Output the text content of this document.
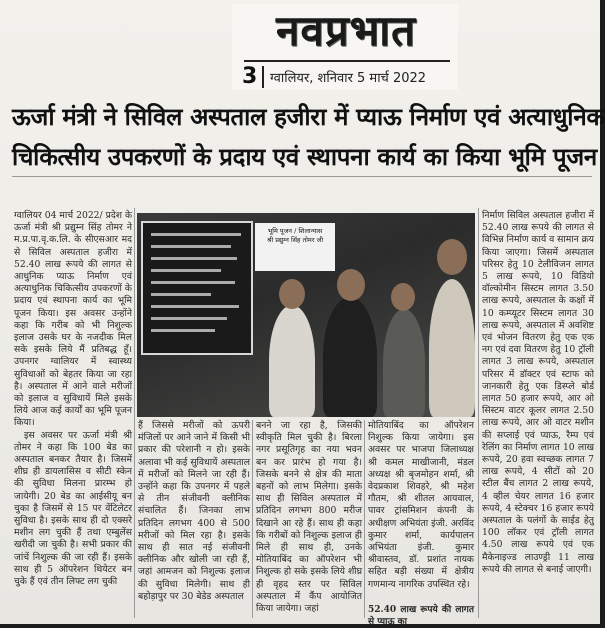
नवप्रभात
3 ग्वालियर, शनिवार 5 मार्च 2022
ऊर्जा मंत्री ने सिविल अस्पताल हजीरा में प्याऊ निर्माण एवं अत्याधुनिक
चिकित्सीय उपकरणों के प्रदाय एवं स्थापना कार्य का किया भूमि पूजन

ग्वालियर 04 मार्च 2022/ प्रदेश के ऊर्जा मंत्री श्री प्रद्युम्न सिंह तोमर ने म.प्र.पा.वृ.क.लि. के सीएसआर मद से सिविल अस्पताल हजीरा में 52.40 लाख रूपये की लागत से आधुनिक प्याऊ निर्माण एवं अत्याधुनिक चिकित्सीय उपकरणों के प्रदाय एवं स्थापना कार्य का भूमि पूजन किया। इस अवसर उन्होंने कहा कि गरीब को भी निशुल्क इलाज उसके घर के नजदीक मिल सके इसके लिये मैं प्रतिबद्ध हूँ। उपनगर ग्वालियर में स्वास्थ्य सुविधाओं को बेहतर किया जा रहा है। अस्पताल में आने वाले मरीजों को इलाज व सुविधायें मिले इसके लिये आज कई कार्यों का भूमि पूजन किया।

इस अवसर पर ऊर्जा मंत्री श्री तोमर ने कहा कि 100 बेड का अस्पताल बनकर तैयार है। जिसमें शीघ्र ही डायलासिस व सीटी स्केन की सुविधा मिलना प्रारम्भ हो जायेगी। 20 बेड का आईसीयू बन चुका है जिसमें से 15 पर वेंटिलेटर सुविधा है। इसके साथ ही दो एक्सरे मशीन लग चुकी हैं तथा एम्बुलेंस खरीदी जा चुकी है। सभी प्रकार की जांचें निशुल्क की जा रही हैं। इसके साथ ही 5 ऑपरेशन थियेटर बन चुके हैं एवं तीन लिफ्ट लग चुकी

भूमि पूजन / शिलान्यास
श्री प्रद्युम्न सिंह तोमर जी

हैं जिससे मरीजों को ऊपरी मंजिलों पर आने जाने में किसी भी प्रकार की परेशानी न हो। इसके अलावा भी कई सुविधायें अस्पताल में मरीजों को मिलने जा रही हैं। उन्होंने कहा कि उपनगर में पहले से तीन संजीवनी क्लीनिक संचालित हैं। जिनका लाभ प्रतिदिन लगभग 400 से 500 मरीजों को मिल रहा है। इसके साथ ही सात नई संजीवनी क्लीनिक और खोली जा रही हैं, जहां आमजन को निशुल्क इलाज की सुविधा मिलेगी। साथ ही बहोड़ापुर पर 30 बेडेड अस्पताल

बनने जा रहा है, जिसकी स्वीकृति मिल चुकी है। बिरला नगर प्रसूतिगृह का नया भवन बन कर प्रारंभ हो गया है। जिसके बनने से क्षेत्र की माता बहनों को लाभ मिलेगा। इसके साथ ही सिविल अस्पताल में प्रतिदिन लगभग 800 मरीज दिखाने आ रहे हैं। साथ ही कहा कि गरीबों को निशुल्क इलाज ही मिले ही साथ ही, उनके मोतियाबिंद का ऑपरेशन भी निशुल्क हो सके इसके लिये शीघ्र ही वृहद स्तर पर सिविल अस्पताल में कैंप आयोजित किया जायेगा। जहां

मोतियाबिंद का ऑपरेशन निशुल्क किया जायेगा। इस अवसर पर भाजपा जिलाध्यक्ष श्री कमल माखीजानी, मंडल अध्यक्ष श्री बृजमोहन शर्मा, श्री वेदप्रकाश शिवहरे, श्री महेश गौतम, श्री शीतल आयवाल, पावर ट्रांसमिशन कंपनी के अधीक्षण अभियंता इंजी. अरविंद कुमार शर्मा, कार्यपालन अभियंता इंजी. कुमार श्रीवास्तव, डॉ. प्रशांत नायक सहित बड़ी संख्या में क्षेत्रीय गणमान्य नागरिक उपस्थित रहे।

52.40 लाख रूपये की लागत से प्याऊ का

निर्माण सिविल अस्पताल हजीरा में 52.40 लाख रूपये की लागत से विभिन्न निर्माण कार्य व सामान क्रय किया जाएगा। जिसमें अस्पताल परिसर हेतु 10 टेलीविजन लागत 5 लाख रूपये, 10 विडियो वॉल्कोमीन सिस्टम लागत 3.50 लाख रूपये, अस्पताल के कक्षों में 10 कम्प्यूटर सिस्टम लागत 30 लाख रूपये, अस्पताल में अवशिष्ट एवं भोजन वितरण हेतु एक एक नग एवं दवा वितरण हेतु 10 ट्रॉली लागत 3 लाख रूपये, अस्पताल परिसर में डॉक्टर एवं स्टाफ को जानकारी हेतु एक डिस्प्ले बोर्ड लागत 50 हजार रूपये, आर ओ सिस्टम वाटर कूलर लागत 2.50 लाख रूपये, आर ओ वाटर मशीन की सप्लाई एवं प्याऊ, रैम्प एवं रेलिंग का निर्माण लागत 10 लाख रूपये, 20 हवा स्वच्छक लागत 7 लाख रूपये, 4 सीटों को 20 स्टील बैंच लागत 2 लाख रूपये, 4 व्हील चेयर लागत 16 हजार रूपये, 4 स्टेक्चर 16 हजार रूपये अस्पताल के पलंगों के साईड हेतु 100 लॉकर एवं ट्रॉली लागत 4.50 लाख रूपये एवं एक मैकेनाइज्ड लाउण्ड्री 11 लाख रूपये की लागत से बनाई जाएगी।
